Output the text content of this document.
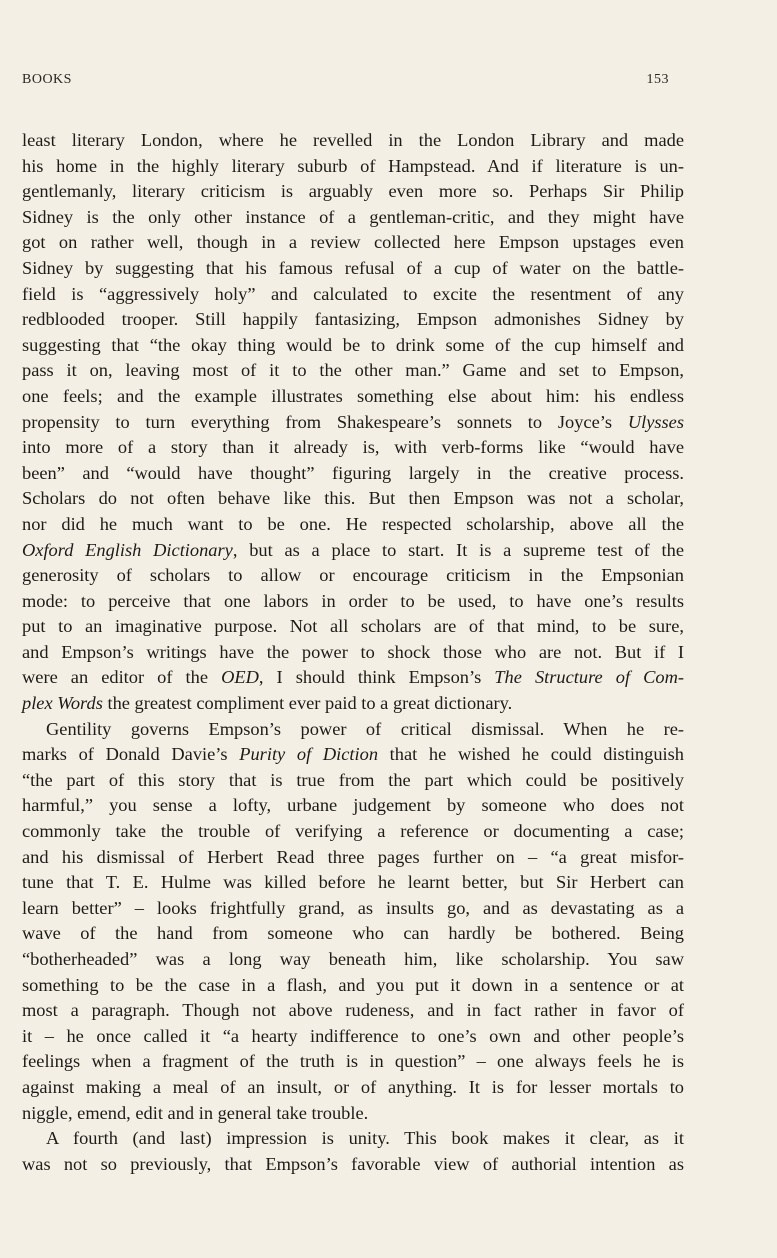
BOOKS	153
least literary London, where he revelled in the London Library and made
his home in the highly literary suburb of Hampstead. And if literature is un-
gentlemanly, literary criticism is arguably even more so. Perhaps Sir Philip
Sidney is the only other instance of a gentleman-critic, and they might have
got on rather well, though in a review collected here Empson upstages even
Sidney by suggesting that his famous refusal of a cup of water on the battle-
field is “aggressively holy” and calculated to excite the resentment of any
redblooded trooper. Still happily fantasizing, Empson admonishes Sidney by
suggesting that “the okay thing would be to drink some of the cup himself and
pass it on, leaving most of it to the other man.” Game and set to Empson,
one feels; and the example illustrates something else about him: his endless
propensity to turn everything from Shakespeare’s sonnets to Joyce’s Ulysses
into more of a story than it already is, with verb-forms like “would have
been” and “would have thought” figuring largely in the creative process.
Scholars do not often behave like this. But then Empson was not a scholar,
nor did he much want to be one. He respected scholarship, above all the
Oxford English Dictionary, but as a place to start. It is a supreme test of the
generosity of scholars to allow or encourage criticism in the Empsonian
mode: to perceive that one labors in order to be used, to have one’s results
put to an imaginative purpose. Not all scholars are of that mind, to be sure,
and Empson’s writings have the power to shock those who are not. But if I
were an editor of the OED, I should think Empson’s The Structure of Com-
plex Words the greatest compliment ever paid to a great dictionary.
Gentility governs Empson’s power of critical dismissal. When he re-
marks of Donald Davie’s Purity of Diction that he wished he could distinguish
“the part of this story that is true from the part which could be positively
harmful,” you sense a lofty, urbane judgement by someone who does not
commonly take the trouble of verifying a reference or documenting a case;
and his dismissal of Herbert Read three pages further on – “a great misfor-
tune that T. E. Hulme was killed before he learnt better, but Sir Herbert can
learn better” – looks frightfully grand, as insults go, and as devastating as a
wave of the hand from someone who can hardly be bothered. Being
“botherheaded” was a long way beneath him, like scholarship. You saw
something to be the case in a flash, and you put it down in a sentence or at
most a paragraph. Though not above rudeness, and in fact rather in favor of
it – he once called it “a hearty indifference to one’s own and other people’s
feelings when a fragment of the truth is in question” – one always feels he is
against making a meal of an insult, or of anything. It is for lesser mortals to
niggle, emend, edit and in general take trouble.
A fourth (and last) impression is unity. This book makes it clear, as it
was not so previously, that Empson’s favorable view of authorial intention as
